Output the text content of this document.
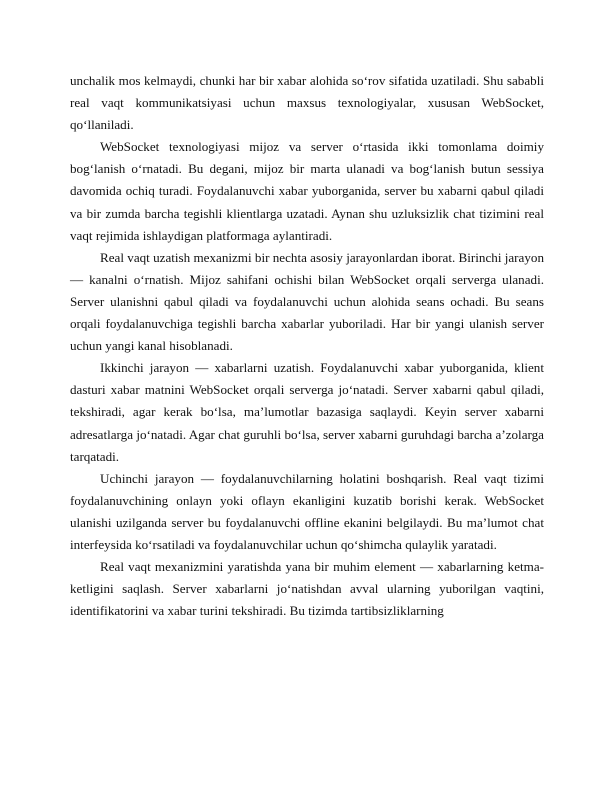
unchalik mos kelmaydi, chunki har bir xabar alohida so‘rov sifatida uzatiladi. Shu sababli real vaqt kommunikatsiyasi uchun maxsus texnologiyalar, xususan WebSocket, qo‘llaniladi.

WebSocket texnologiyasi mijoz va server o‘rtasida ikki tomonlama doimiy bog‘lanish o‘rnatadi. Bu degani, mijoz bir marta ulanadi va bog‘lanish butun sessiya davomida ochiq turadi. Foydalanuvchi xabar yuborganida, server bu xabarni qabul qiladi va bir zumda barcha tegishli klientlarga uzatadi. Aynan shu uzluksizlik chat tizimini real vaqt rejimida ishlaydigan platformaga aylantiradi.

Real vaqt uzatish mexanizmi bir nechta asosiy jarayonlardan iborat. Birinchi jarayon — kanalni o‘rnatish. Mijoz sahifani ochishi bilan WebSocket orqali serverga ulanadi. Server ulanishni qabul qiladi va foydalanuvchi uchun alohida seans ochadi. Bu seans orqali foydalanuvchiga tegishli barcha xabarlar yuboriladi. Har bir yangi ulanish server uchun yangi kanal hisoblanadi.

Ikkinchi jarayon — xabarlarni uzatish. Foydalanuvchi xabar yuborganida, klient dasturi xabar matnini WebSocket orqali serverga jo‘natadi. Server xabarni qabul qiladi, tekshiradi, agar kerak bo‘lsa, ma’lumotlar bazasiga saqlaydi. Keyin server xabarni adresatlarga jo‘natadi. Agar chat guruhli bo‘lsa, server xabarni guruhdagi barcha a’zolarga tarqatadi.

Uchinchi jarayon — foydalanuvchilarning holatini boshqarish. Real vaqt tizimi foydalanuvchining onlayn yoki oflayn ekanligini kuzatib borishi kerak. WebSocket ulanishi uzilganda server bu foydalanuvchi offline ekanini belgilaydi. Bu ma’lumot chat interfeysida ko‘rsatiladi va foydalanuvchilar uchun qo‘shimcha qulaylik yaratadi.

Real vaqt mexanizmini yaratishda yana bir muhim element — xabarlarning ketma-ketligini saqlash. Server xabarlarni jo‘natishdan avval ularning yuborilgan vaqtini, identifikatorini va xabar turini tekshiradi. Bu tizimda tartibsizliklarning
